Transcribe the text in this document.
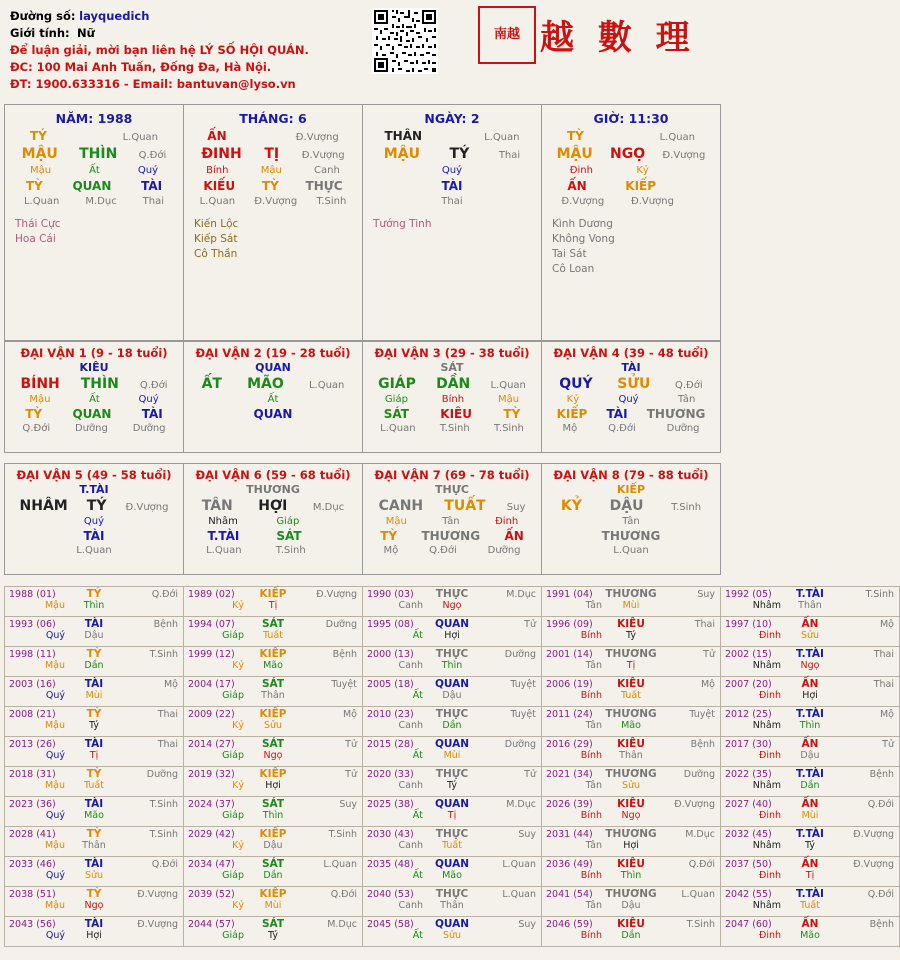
Đường số: layquedich
Giới tính: Nữ
Để luận giải, mời bạn liên hệ LÝ SỐ HỘI QUÁN.
ĐC: 100 Mai Anh Tuấn, Đống Đa, Hà Nội.
ĐT: 1900.633316 - Email: bantuvan@lyso.vn
南越 越 數 理
NĂM: 1988
TÝ	L.Quan
MẬU THÌN Q.Đới
Mậu	Ất	Quý
TỲ QUAN TÀI
L.Quan	M.Dục	Thai
Thái Cực
Hoa Cái

THÁNG: 6
ẤN	Đ.Vượng
ĐINH TỊ Đ.Vượng
Bính	Mậu	Canh
KIẾU TỲ THỰC
L.Quan Đ.Vượng T.Sinh
Kiến Lộc
Kiếp Sát
Cô Thần

NGÀY: 2
THÂN	L.Quan
MẬU TÝ	Thai
Quý
TÀI
Thai
Tướng Tinh

GIỜ: 11:30
TỲ	L.Quan
MẬU NGỌ Đ.Vượng
Đinh	Kỷ
ẤN	KIẾP
Đ.Vượng	Đ.Vượng
Kình Dương
Không Vong
Tai Sát
Cô Loan
ĐẠI VẬN 1 (9 - 18 tuổi)
KIÊU
BÍNH THÌN Q.Đới
Mậu	Ất	Quý
TỲ	QUAN	TÀI
Q.Đới Dưỡng Dưỡng

ĐẠI VẬN 2 (19 - 28 tuổi)
QUAN
ẤT MÃO	L.Quan
Ất
QUAN

ĐẠI VẬN 3 (29 - 38 tuổi)
SÁT
GIÁP DẦN L.Quan
Giáp	Bính	Mậu
SÁT	KIÊU	TỲ
L.Quan T.Sinh T.Sinh

ĐẠI VẬN 4 (39 - 48 tuổi)
TÀI
QUÝ SỬU Q.Đới
Kỷ	Quý	Tân
KIẾP TÀI THƯƠNG
Mộ	Q.Đới	Dưỡng
ĐẠI VẬN 5 (49 - 58 tuổi)
T.TÀI
NHÂM TÝ Đ.Vượng
Quý
TÀI
L.Quan

ĐẠI VẬN 6 (59 - 68 tuổi)
THƯƠNG
TÂN HỢI	M.Dục
Nhâm	Giáp
T.TÀI	SÁT
L.Quan	T.Sinh

ĐẠI VẬN 7 (69 - 78 tuổi)
THỰC
CANH TUẤT Suy
Mậu	Tân	Đinh
TỲ THƯƠNG ẤN
Mộ	Q.Đới	Dưỡng

ĐẠI VẬN 8 (79 - 88 tuổi)
KIẾP
KỶ DẬU	T.Sinh
Tân
THƯƠNG
L.Quan
1988 (01)	TÝ	Q.Đới
Mậu	Thìn

1989 (02)	KIẾP	Đ.Vượng
Kỷ	Tị

1990 (03)	THỰC	M.Dục
Canh	Ngọ

1991 (04)	THƯƠNG	Suy
Tân	Mùi

1992 (05)	T.TÀI	T.Sinh
Nhâm	Thân

1993 (06)	TÀI	Bệnh
Quý	Dậu

1994 (07)	SÁT	Dưỡng
Giáp	Tuất

1995 (08)	QUAN	Tử
Ất	Hợi

1996 (09)	KIÊU	Thai
Bính	Tý

1997 (10)	ẤN	Mộ
Đinh	Sửu

1998 (11)	TỲ	T.Sinh
Mậu	Dần

1999 (12)	KIẾP	Bệnh
Kỷ	Mão

2000 (13)	THỰC	Dưỡng
Canh	Thìn

2001 (14)	THƯƠNG	Tử
Tân	Tị

2002 (15)	T.TÀI	Thai
Nhâm	Ngọ

2003 (16)	TÀI	Mộ
Quý	Mùi

2004 (17)	SÁT	Tuyệt
Giáp	Thân

2005 (18)	QUAN	Tuyệt
Ất	Dậu

2006 (19)	KIÊU	Mộ
Bính	Tuất

2007 (20)	ẤN	Thai
Đinh	Hợi

2008 (21)	TỲ	Thai
Mậu	Tý

2009 (22)	KIẾP	Mộ
Kỷ	Sửu

2010 (23)	THỰC	Tuyệt
Canh	Dần

2011 (24)	THƯƠNG	Tuyệt
Tân	Mão

2012 (25)	T.TÀI	Mộ
Nhâm	Thìn

2013 (26)	TÀI	Thai
Quý	Tị

2014 (27)	SÁT	Tử
Giáp	Ngọ

2015 (28)	QUAN	Dưỡng
Ất	Mùi

2016 (29)	KIÊU	Bệnh
Bính	Thân

2017 (30)	ẤN	Tử
Đinh	Dậu

2018 (31)	TỲ	Dưỡng
Mậu	Tuất

2019 (32)	KIẾP	Tử
Kỷ	Hợi

2020 (33)	THỰC	Tử
Canh	Tý

2021 (34)	THƯƠNG	Dưỡng
Tân	Sửu

2022 (35)	T.TÀI	Bệnh
Nhâm	Dần

2023 (36)	TÀI	T.Sinh
Quý	Mão

2024 (37)	SÁT	Suy
Giáp	Thìn

2025 (38)	QUAN	M.Dục
Ất	Tị

2026 (39)	KIÊU	Đ.Vượng
Bính	Ngọ

2027 (40)	ẤN	Q.Đới
Đinh	Mùi

2028 (41)	TỲ	T.Sinh
Mậu	Thân

2029 (42)	KIẾP	T.Sinh
Kỷ	Dậu

2030 (43)	THỰC	Suy
Canh	Tuất

2031 (44)	THƯƠNG	M.Dục
Tân	Hợi

2032 (45)	T.TÀI	Đ.Vượng
Nhâm	Tý

2033 (46)	TÀI	Q.Đới
Quý	Sửu

2034 (47)	SÁT	L.Quan
Giáp	Dần

2035 (48)	QUAN	L.Quan
Ất	Mão

2036 (49)	KIÊU	Q.Đới
Bính	Thìn

2037 (50)	ẤN	Đ.Vượng
Đinh	Tị

2038 (51)	TỲ	Đ.Vượng
Mậu	Ngọ

2039 (52)	KIẾP	Q.Đới
Kỷ	Mùi

2040 (53)	THỰC	L.Quan
Canh	Thân

2041 (54)	THƯƠNG	L.Quan
Tân	Dậu

2042 (55)	T.TÀI	Q.Đới
Nhâm	Tuất

2043 (56)	TÀI	Đ.Vượng
Quý	Hợi

2044 (57)	SÁT	M.Dục
Giáp	Tý

2045 (58)	QUAN	Suy
Ất	Sửu

2046 (59)	KIÊU	T.Sinh
Bính	Dần

2047 (60)	ẤN	Bệnh
Đinh	Mão
